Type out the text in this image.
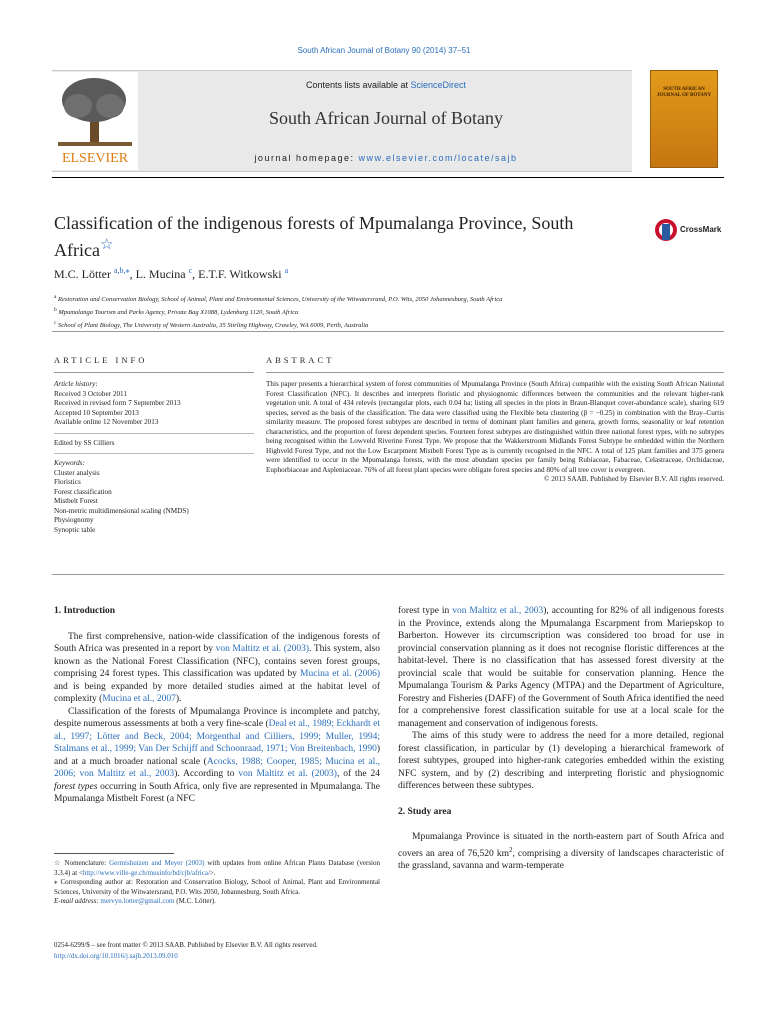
South African Journal of Botany 90 (2014) 37–51
ELSEVIER
Contents lists available at ScienceDirect
South African Journal of Botany
journal homepage: www.elsevier.com/locate/sajb
SOUTH AFRICAN JOURNAL OF BOTANY
Classification of the indigenous forests of Mpumalanga Province, South Africa☆
CrossMark
M.C. Lötter $^{a,b,⁎}$, L. Mucina $^c$, E.T.F. Witkowski $^a$
$^a$ Restoration and Conservation Biology, School of Animal, Plant and Environmental Sciences, University of the Witwatersrand, P.O. Wits, 2050 Johannesburg, South Africa
$^b$ Mpumalanga Tourism and Parks Agency, Private Bag X1088, Lydenburg 1120, South Africa
$^c$ School of Plant Biology, The University of Western Australia, 35 Stirling Highway, Crawley, WA 6009, Perth, Australia
ARTICLE INFO	ABSTRACT
Article history:
Received 3 October 2011
Received in revised form 7 September 2013
Accepted 10 September 2013
Available online 12 November 2013
Edited by SS Cilliers
Keywords:
Cluster analysis
Floristics
Forest classification
Mistbelt Forest
Non-metric multidimensional scaling (NMDS)
Physiognomy
Synoptic table
This paper presents a hierarchical system of forest communities of Mpumalanga Province (South Africa) compatible with the existing South African National Forest Classification (NFC). It describes and interprets floristic and physiognomic differences between the communities and the relevant higher-rank vegetation unit. A total of 434 relevés (rectangular plots, each 0.04 ha; listing all species in the plots in Braun-Blanquet cover-abundance scale), sharing 619 species, served as the basis of the classification. The data were classified using the Flexible beta clustering (β = −0.25) in combination with the Bray–Curtis similarity measure. The proposed forest subtypes are described in terms of dominant plant families and genera, growth forms, seasonality or leaf retention characteristics, and the proportion of forest dependent species. Fourteen forest subtypes are distinguished within three national forest types, with no subtypes being recognised within the Lowveld Riverine Forest Type. We propose that the Wakkerstroom Midlands Forest Subtype be embedded within the Northern Highveld Forest Type, and not the Low Escarpment Mistbelt Forest Type as is currently recognised in the NFC. A total of 125 plant families and 375 genera were identified to occur in the Mpumalanga forests, with the most abundant species per family being Rubiaceae, Fabaceae, Celastraceae, Orchidaceae, Euphorbiaceae and Aspleniaceae. 76% of all forest plant species were obligate forest species and 80% of all tree cover is evergreen.
© 2013 SAAB. Published by Elsevier B.V. All rights reserved.
1. Introduction

The first comprehensive, nation-wide classification of the indigenous forests of South Africa was presented in a report by von Maltitz et al. (2003). This system, also known as the National Forest Classification (NFC), contains seven forest groups, comprising 24 forest types. This classification was updated by Mucina et al. (2006) and is being expanded by more detailed studies aimed at the habitat level of complexity (Mucina et al., 2007).

Classification of the forests of Mpumalanga Province is incomplete and patchy, despite numerous assessments at both a very fine-scale (Deal et al., 1989; Eckhardt et al., 1997; Lötter and Beck, 2004; Morgenthal and Cilliers, 1999; Muller, 1994; Stalmans et al., 1999; Van Der Schijff and Schoonraad, 1971; Von Breitenbach, 1990) and at a much broader national scale (Acocks, 1988; Cooper, 1985; Mucina et al., 2006; von Maltitz et al., 2003). According to von Maltitz et al. (2003), of the 24 forest types occurring in South Africa, only five are represented in Mpumalanga. The Mpumalanga Mistbelt Forest (a NFC

forest type in von Maltitz et al., 2003), accounting for 82% of all indigenous forests in the Province, extends along the Mpumalanga Escarpment from Mariepskop to Barberton. However its circumscription was considered too broad for use in provincial conservation planning as it does not recognise floristic differences at the habitat-level. There is no classification that has assessed forest diversity at the provincial scale that would be suitable for conservation planning. Hence the Mpumalanga Tourism & Parks Agency (MTPA) and the Department of Agriculture, Forestry and Fisheries (DAFF) of the Government of South Africa identified the need for a comprehensive forest classification suitable for use at a local scale for the management and conservation of indigenous forests.

The aims of this study were to address the need for a more detailed, regional forest classification, in particular by (1) developing a hierarchical framework of forest subtypes, grouped into higher-rank categories embedded within the existing NFC system, and by (2) describing and interpreting floristic and physiognomic differences between these subtypes.

2. Study area

Mpumalanga Province is situated in the north-eastern part of South Africa and covers an area of 76,520 $km^2$, comprising a diversity of landscapes characteristic of the grassland, savanna and warm-temperate

☆ Nomenclature: Germishuizen and Meyer (2003) with updates from online African Plants Database (version 3.3.4) at <http://www.ville-ge.ch/musinfo/bd/cjb/africa/>.

⁎ Corresponding author at: Restoration and Conservation Biology, School of Animal, Plant and Environmental Sciences, University of the Witwatersrand, P.O. Wits 2050, Johannesburg, South Africa.

E-mail address: mervyn.lotter@gmail.com (M.C. Lötter).

0254-6299/$ – see front matter © 2013 SAAB. Published by Elsevier B.V. All rights reserved.
http://dx.doi.org/10.1016/j.sajb.2013.09.010
